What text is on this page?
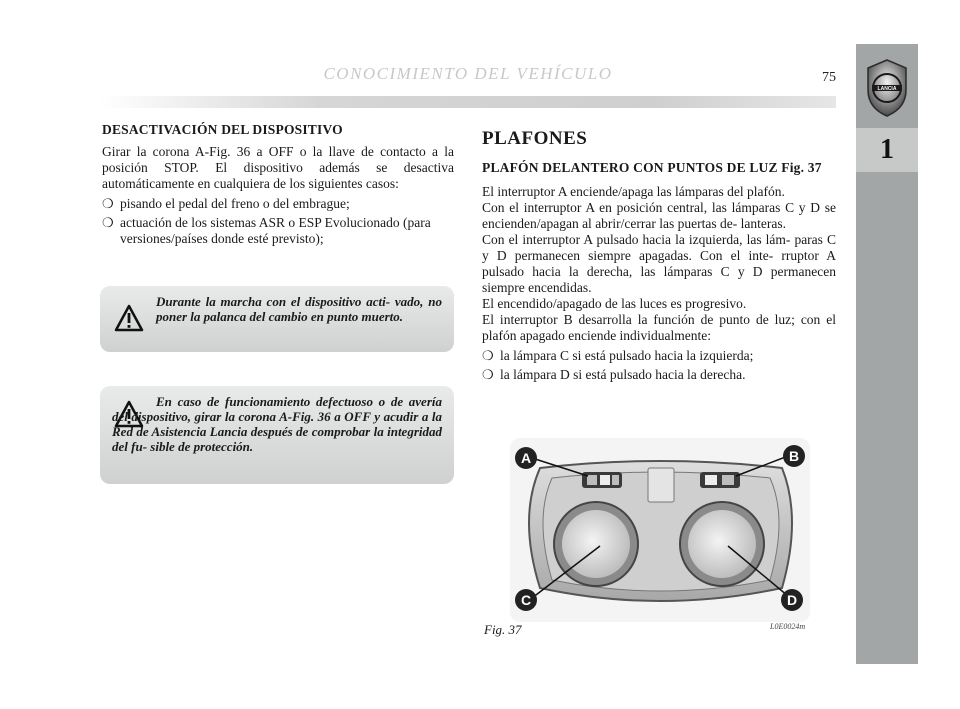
CONOCIMIENTO DEL VEHÍCULO	75
LANCIA
1
DESACTIVACIÓN DEL DISPOSITIVO

Girar la corona A-Fig. 36 a OFF o la llave de contacto a la posición STOP. El dispositivo además se desactiva automáticamente en cualquiera de los siguientes casos:

❍ pisando el pedal del freno o del embrague;
❍ actuación de los sistemas ASR o ESP Evolucionado (para versiones/países donde esté previsto);
Durante la marcha con el dispositivo acti- vado, no poner la palanca del cambio en punto muerto.
En caso de funcionamiento defectuoso o de avería del dispositivo, girar la corona A-Fig. 36 a OFF y acudir a la Red de Asistencia Lancia después de comprobar la integridad del fu- sible de protección.
PLAFONES
PLAFÓN DELANTERO CON PUNTOS DE LUZ Fig. 37
El interruptor A enciende/apaga las lámparas del plafón.
Con el interruptor A en posición central, las lámparas C y D se encienden/apagan al abrir/cerrar las puertas de- lanteras.
Con el interruptor A pulsado hacia la izquierda, las lám- paras C y D permanecen siempre apagadas. Con el inte- rruptor A pulsado hacia la derecha, las lámparas C y D permanecen siempre encendidas.
El encendido/apagado de las luces es progresivo.
El interruptor B desarrolla la función de punto de luz; con el plafón apagado enciende individualmente:
❍ la lámpara C si está pulsado hacia la izquierda;
❍ la lámpara D si está pulsado hacia la derecha.
A	B
C	D
Fig. 37	L0E0024m
